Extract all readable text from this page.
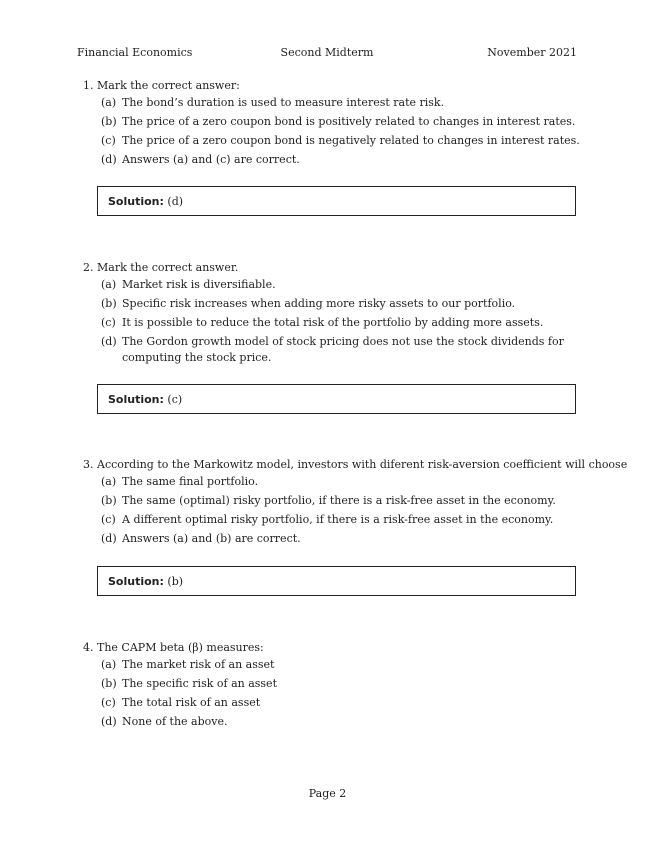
Financial Economics	Second Midterm	November 2021
1. Mark the correct answer:
(a) The bond’s duration is used to measure interest rate risk.
(b) The price of a zero coupon bond is positively related to changes in interest rates.
(c) The price of a zero coupon bond is negatively related to changes in interest rates.
(d) Answers (a) and (c) are correct.
Solution: (d)
2. Mark the correct answer.
(a) Market risk is diversifiable.
(b) Specific risk increases when adding more risky assets to our portfolio.
(c) It is possible to reduce the total risk of the portfolio by adding more assets.
(d) The Gordon growth model of stock pricing does not use the stock dividends for computing the stock price.
Solution: (c)
3. According to the Markowitz model, investors with diferent risk-aversion coefficient will choose
(a) The same final portfolio.
(b) The same (optimal) risky portfolio, if there is a risk-free asset in the economy.
(c) A different optimal risky portfolio, if there is a risk-free asset in the economy.
(d) Answers (a) and (b) are correct.
Solution: (b)
4. The CAPM beta (β) measures:
(a) The market risk of an asset
(b) The specific risk of an asset
(c) The total risk of an asset
(d) None of the above.
Page 2
